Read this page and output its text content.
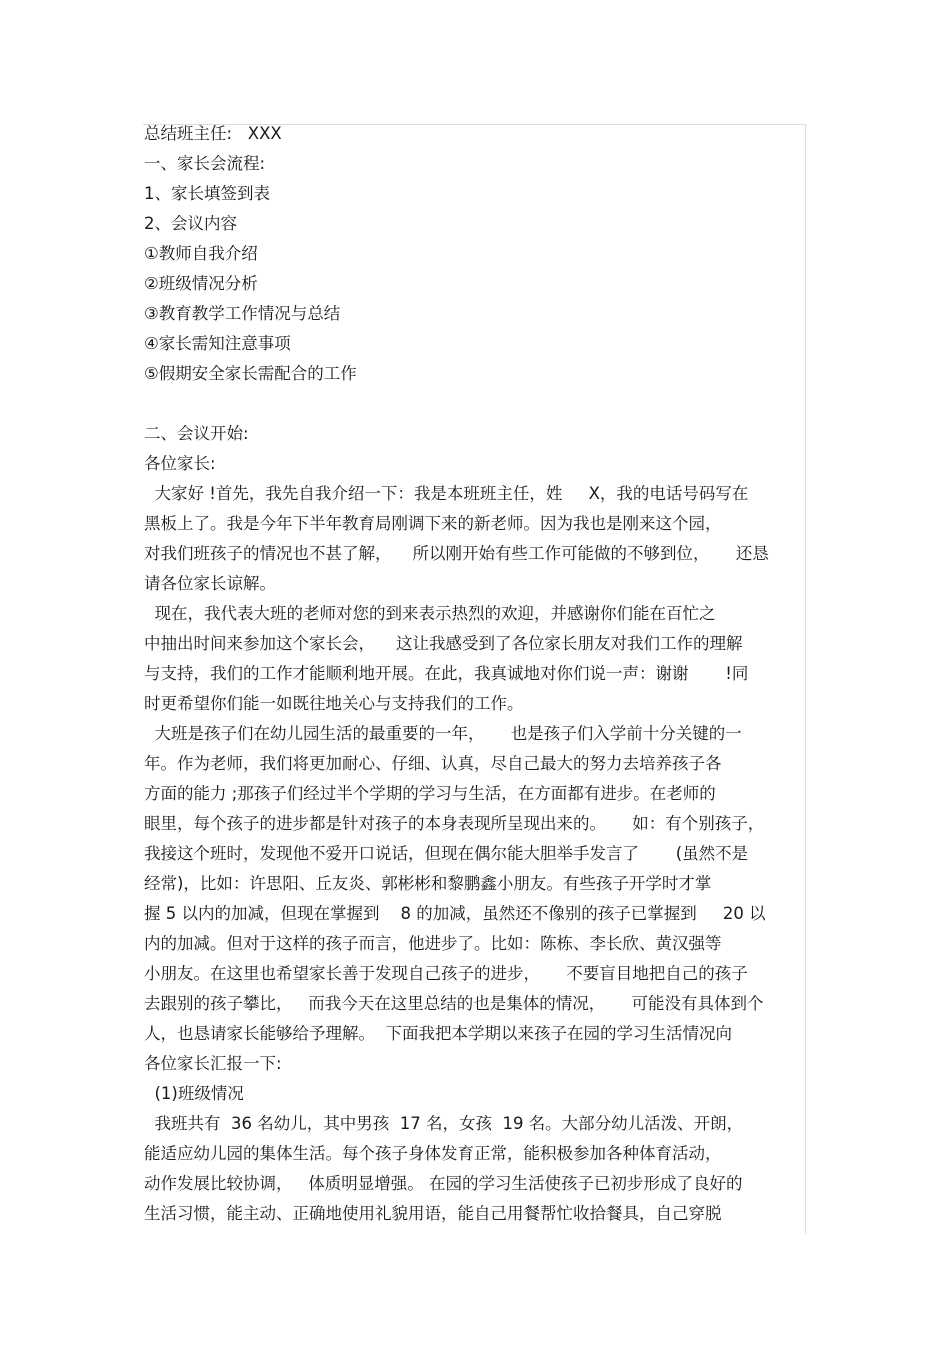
总结班主任:   XXX
一、家长会流程:
1、家长填签到表
2、会议内容
①教师自我介绍
②班级情况分析
③教育教学工作情况与总结
④家长需知注意事项
⑤假期安全家长需配合的工作
二、会议开始:
各位家长:
大家好 !首先，我先自我介绍一下：我是本班班主任，姓     X，我的电话号码写在
黑板上了。我是今年下半年教育局刚调下来的新老师。因为我也是刚来这个园，
对我们班孩子的情况也不甚了解，    所以刚开始有些工作可能做的不够到位，     还恳
请各位家长谅解。
现在，我代表大班的老师对您的到来表示热烈的欢迎，并感谢你们能在百忙之
中抽出时间来参加这个家长会，    这让我感受到了各位家长朋友对我们工作的理解
与支持，我们的工作才能顺利地开展。在此，我真诚地对你们说一声：谢谢       !同
时更希望你们能一如既往地关心与支持我们的工作。
大班是孩子们在幼儿园生活的最重要的一年，     也是孩子们入学前十分关键的一
年。作为老师，我们将更加耐心、仔细、认真，尽自己最大的努力去培养孩子各
方面的能力 ;那孩子们经过半个学期的学习与生活，在方面都有进步。在老师的
眼里，每个孩子的进步都是针对孩子的本身表现所呈现出来的。     如：有个别孩子，
我接这个班时，发现他不爱开口说话，但现在偶尔能大胆举手发言了       (虽然不是
经常)，比如：许思阳、丘友炎、郭彬彬和黎鹏鑫小朋友。有些孩子开学时才掌
握 5 以内的加减，但现在掌握到    8 的加减，虽然还不像别的孩子已掌握到     20 以
内的加减。但对于这样的孩子而言，他进步了。比如：陈栋、李长欣、黄汉强等
小朋友。在这里也希望家长善于发现自己孩子的进步，     不要盲目地把自己的孩子
去跟别的孩子攀比，   而我今天在这里总结的也是集体的情况，     可能没有具体到个
人，也恳请家长能够给予理解。  下面我把本学期以来孩子在园的学习生活情况向
各位家长汇报一下:
(1)班级情况
我班共有  36 名幼儿，其中男孩  17 名，女孩  19 名。大部分幼儿活泼、开朗，
能适应幼儿园的集体生活。每个孩子身体发育正常，能积极参加各种体育活动，
动作发展比较协调，   体质明显增强。 在园的学习生活使孩子已初步形成了良好的
生活习惯，能主动、正确地使用礼貌用语，能自己用餐帮忙收拾餐具，自己穿脱
